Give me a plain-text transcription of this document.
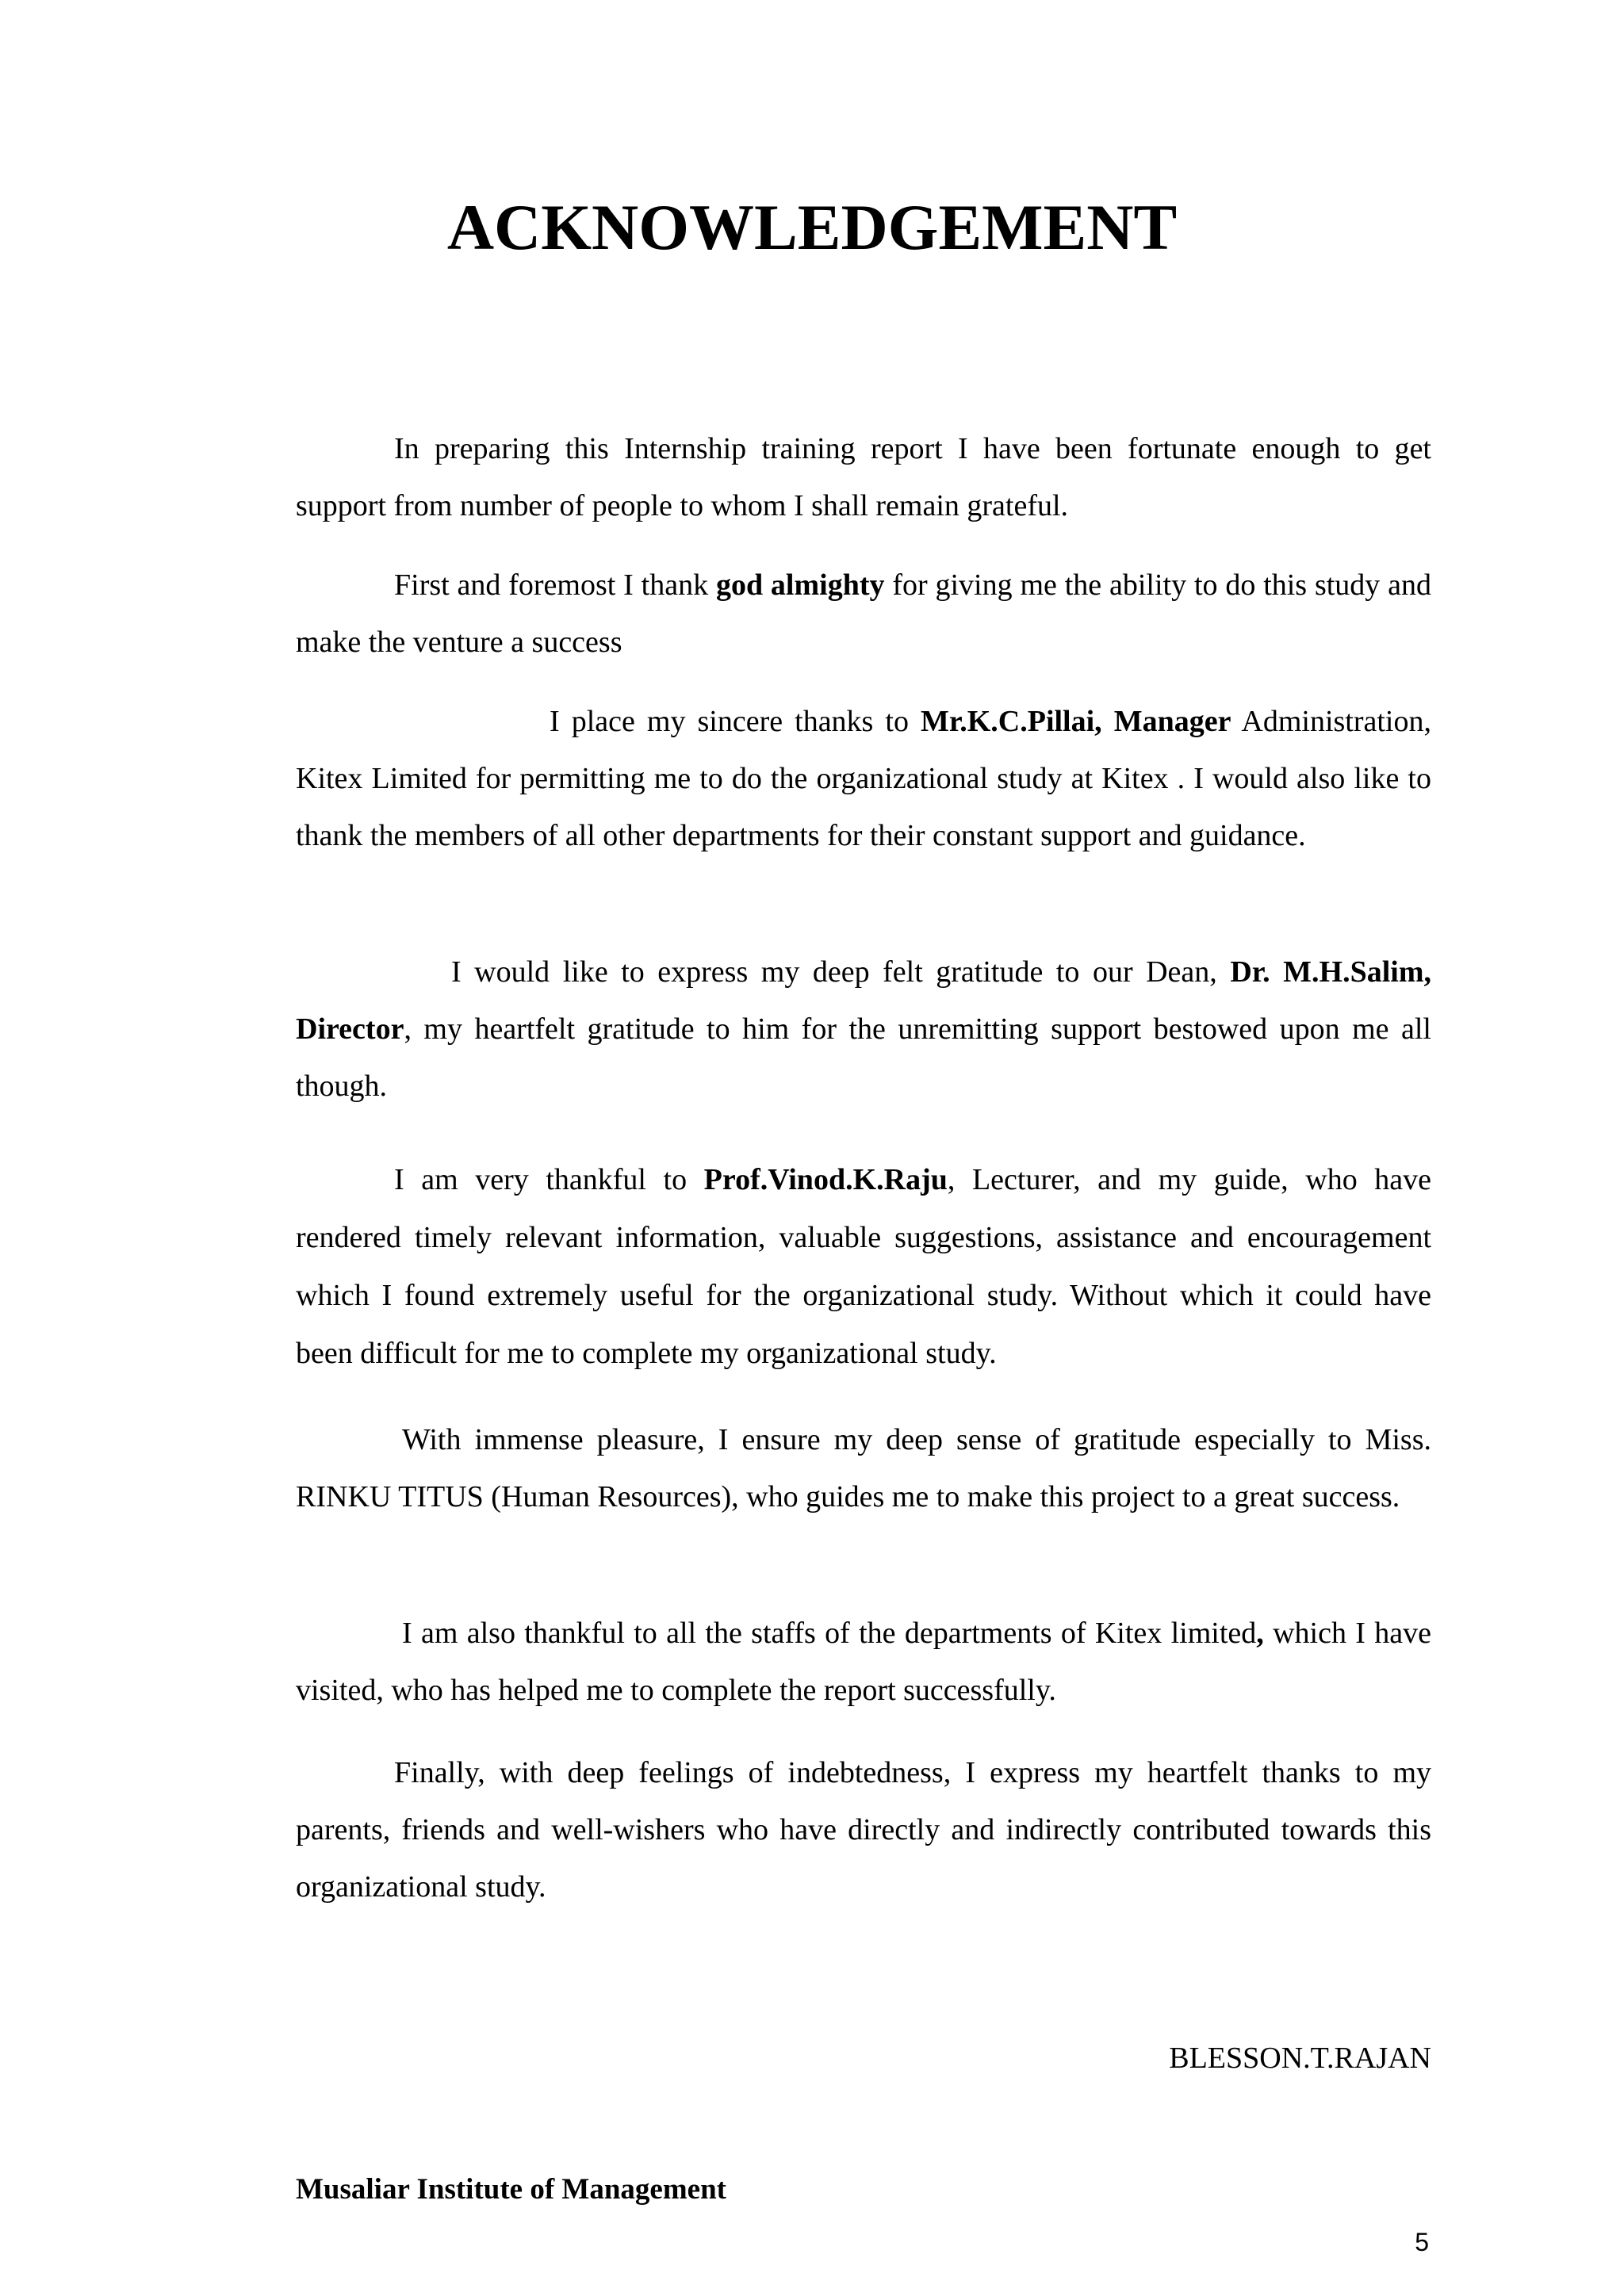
ACKNOWLEDGEMENT

In preparing this Internship training report I have been fortunate enough to get support from number of people to whom I shall remain grateful.

First and foremost I thank god almighty for giving me the ability to do this study and make the venture a success

I place my sincere thanks to Mr.K.C.Pillai, Manager Administration, Kitex Limited for permitting me to do the organizational study at Kitex . I would also like to thank the members of all other departments for their constant support and guidance.

I would like to express my deep felt gratitude to our Dean, Dr. M.H.Salim, Director, my heartfelt gratitude to him for the unremitting support bestowed upon me all though.

I am very thankful to Prof.Vinod.K.Raju, Lecturer, and my guide, who have rendered timely relevant information, valuable suggestions, assistance and encouragement which I found extremely useful for the organizational study. Without which it could have been difficult for me to complete my organizational study.

With immense pleasure, I ensure my deep sense of gratitude especially to Miss. RINKU TITUS (Human Resources), who guides me to make this project to a great success.

I am also thankful to all the staffs of the departments of Kitex limited, which I have visited, who has helped me to complete the report successfully.

Finally, with deep feelings of indebtedness, I express my heartfelt thanks to my parents, friends and well-wishers who have directly and indirectly contributed towards this organizational study.

BLESSON.T.RAJAN
Musaliar Institute of Management
5
